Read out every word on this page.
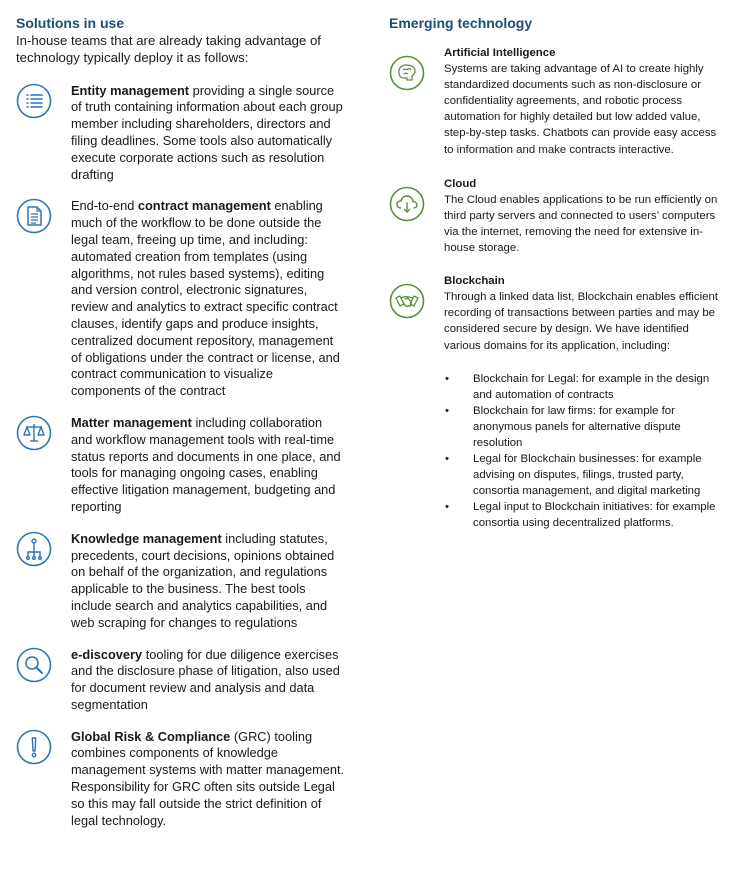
Solutions in use
In-house teams that are already taking advantage of technology typically deploy it as follows:
Entity management providing a single source of truth containing information about each group member including shareholders, directors and filing deadlines. Some tools also automatically execute corporate actions such as resolution drafting
End-to-end contract management enabling much of the workflow to be done outside the legal team, freeing up time, and including: automated creation from templates (using algorithms, not rules based systems), editing and version control, electronic signatures, review and analytics to extract specific contract clauses, identify gaps and produce insights, centralized document repository, management of obligations under the contract or license, and contract communication to visualize components of the contract
Matter management including collaboration and workflow management tools with real-time status reports and documents in one place, and tools for managing ongoing cases, enabling effective litigation management, budgeting and reporting
Knowledge management including statutes, precedents, court decisions, opinions obtained on behalf of the organization, and regulations applicable to the business. The best tools include search and analytics capabilities, and web scraping for changes to regulations
e-discovery tooling for due diligence exercises and the disclosure phase of litigation, also used for document review and analysis and data segmentation
Global Risk & Compliance (GRC) tooling combines components of knowledge management systems with matter management. Responsibility for GRC often sits outside Legal so this may fall outside the strict definition of legal technology.
Emerging technology
Artificial Intelligence
Systems are taking advantage of AI to create highly standardized documents such as non-disclosure or confidentiality agreements, and robotic process automation for highly detailed but low added value, step-by-step tasks. Chatbots can provide easy access to information and make contracts interactive.
Cloud
The Cloud enables applications to be run efficiently on third party servers and connected to users’ computers via the internet, removing the need for extensive in-house storage.
Blockchain
Through a linked data list, Blockchain enables efficient recording of transactions between parties and may be considered secure by design. We have identified various domains for its application, including:
• Blockchain for Legal: for example in the design and automation of contracts
• Blockchain for law firms: for example for anonymous panels for alternative dispute resolution
• Legal for Blockchain businesses: for example advising on disputes, filings, trusted party, consortia management, and digital marketing
• Legal input to Blockchain initiatives: for example consortia using decentralized platforms.
